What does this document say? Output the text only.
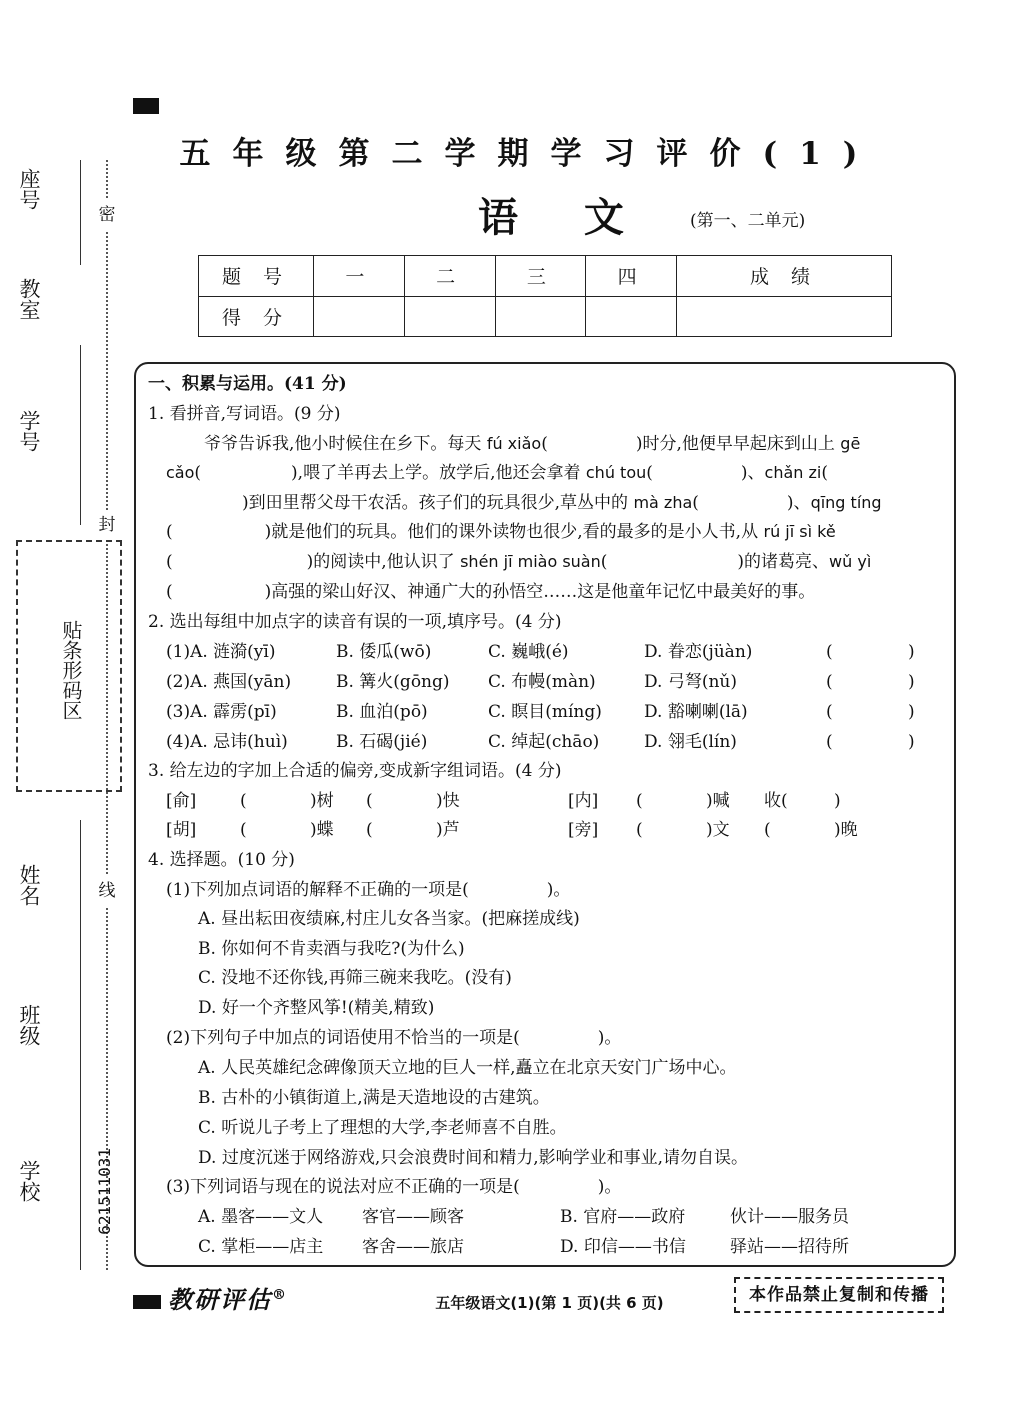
座号
教室
学号
姓名
班级
学校
密
封
线
贴条形码区
621511031
五年级第二学期学习评价(1)
语 文 (第一、二单元)
题 号	一	二	三	四	成 绩
得 分					
一、积累与运用。(41 分)
1. 看拼音,写词语。(9 分)
爷爷告诉我,他小时候住在乡下。每天 fú xiǎo(	)时分,他便早早起床到山上 gē
cǎo(	),喂了羊再去上学。放学后,他还会拿着 chú tou(	)、chǎn zi(
)到田里帮父母干农活。孩子们的玩具很少,草丛中的 mà zha(	)、qīng tíng
(	)就是他们的玩具。他们的课外读物也很少,看的最多的是小人书,从 rú jī sì kě
(	)的阅读中,他认识了 shén jī miào suàn(	)的诸葛亮、wǔ yì
(	)高强的梁山好汉、神通广大的孙悟空……这是他童年记忆中最美好的事。
2. 选出每组中加点字的读音有误的一项,填序号。(4 分)
(1)A. 涟漪(yī)	B. 倭瓜(wō)	C. 巍峨(é)	D. 眷恋(jüàn)	(	)
(2)A. 燕国(yān)	B. 篝火(gōng) C. 布幔(màn)	D. 弓弩(nǔ)	(	)
(3)A. 霹雳(pī)	B. 血泊(pō)	C. 瞑目(míng) D. 豁喇喇(lā)	(	)
(4)A. 忌讳(huì)	B. 石碣(jié)	C. 绰起(chāo)	D. 翎毛(lín)	(	)
3. 给左边的字加上合适的偏旁,变成新字组词语。(4 分)
[俞]	(	)树 (	)快	[内] (	)喊 收(	)
[胡]	(	)蝶 (	)芦	[旁] (	)文 (	)晚
4. 选择题。(10 分)
(1)下列加点词语的解释不正确的一项是(	)。
A. 昼出耘田夜绩麻,村庄儿女各当家。(把麻搓成线)
B. 你如何不肯卖酒与我吃?(为什么)
C. 没地不还你钱,再筛三碗来我吃。(没有)
D. 好一个齐整风筝!(精美,精致)
(2)下列句子中加点的词语使用不恰当的一项是(	)。
A. 人民英雄纪念碑像顶天立地的巨人一样,矗立在北京天安门广场中心。
B. 古朴的小镇街道上,满是天造地设的古建筑。
C. 听说儿子考上了理想的大学,李老师喜不自胜。
D. 过度沉迷于网络游戏,只会浪费时间和精力,影响学业和事业,请勿自误。
(3)下列词语与现在的说法对应不正确的一项是(	)。
A. 墨客——文人 客官——顾客	B. 官府——政府	伙计——服务员
C. 掌柜——店主 客舍——旅店	D. 印信——书信	驿站——招待所
教研评估®	五年级语文(1)(第 1 页)(共 6 页)	本作品禁止复制和传播
